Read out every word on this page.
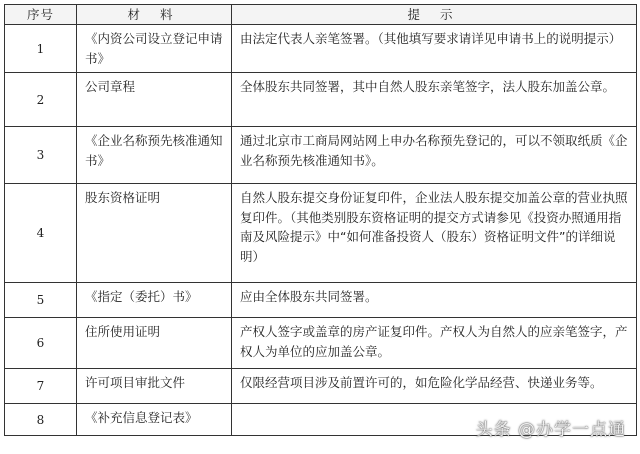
序号	材 料	提 示
1	《内资公司设立登记申请书》	由法定代表人亲笔签署。（其他填写要求请详见申请书上的说明提示）
2	公司章程	全体股东共同签署，其中自然人股东亲笔签字，法人股东加盖公章。
3	《企业名称预先核准通知书》	通过北京市工商局网站网上申办名称预先登记的，可以不领取纸质《企业名称预先核准通知书》。
4	股东资格证明	自然人股东提交身份证复印件，企业法人股东提交加盖公章的营业执照复印件。（其他类别股东资格证明的提交方式请参见《投资办照通用指南及风险提示》中“如何准备投资人（股东）资格证明文件”的详细说明）
5	《指定（委托）书》	应由全体股东共同签署。
6	住所使用证明	产权人签字或盖章的房产证复印件。产权人为自然人的应亲笔签字，产权人为单位的应加盖公章。
7	许可项目审批文件	仅限经营项目涉及前置许可的，如危险化学品经营、快递业务等。
8	《补充信息登记表》	
头条 @办学一点通
